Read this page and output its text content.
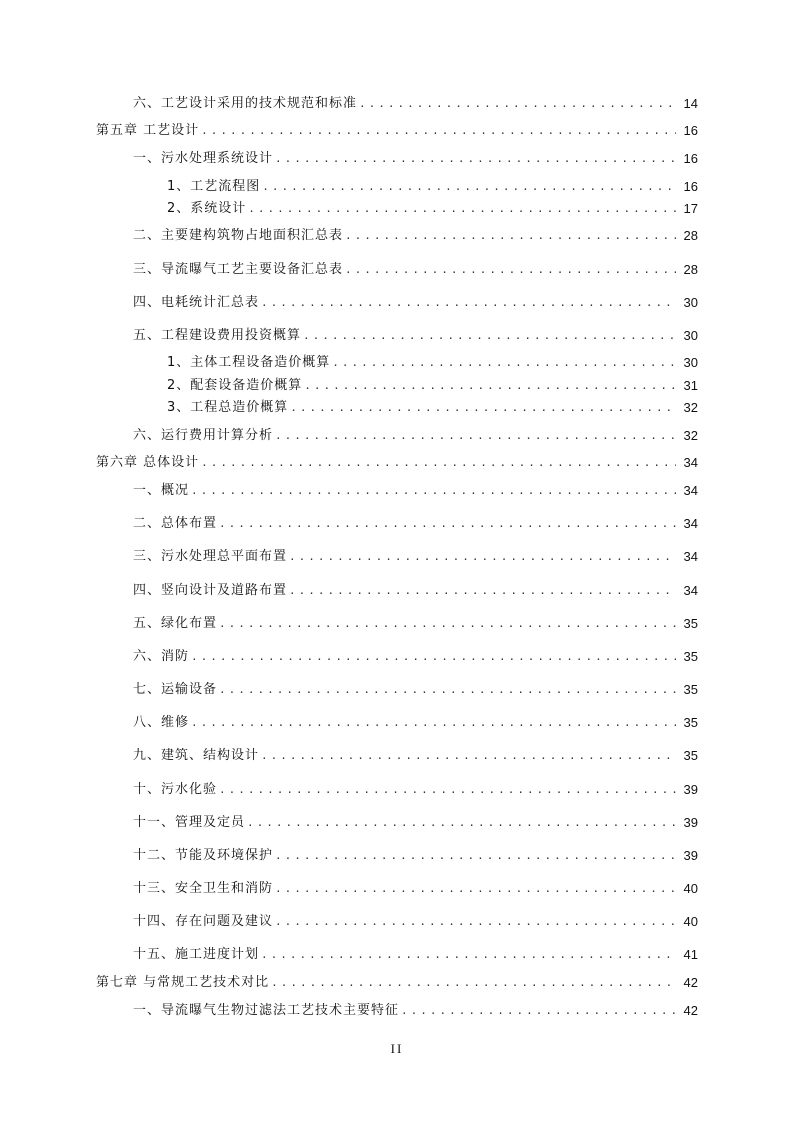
六、工艺设计采用的技术规范和标准 .....	14
第五章 工艺设计 .....	16
一、污水处理系统设计 .....	16
1、工艺流程图 .....	16
2、系统设计 .....	17
二、主要建构筑物占地面积汇总表 .....	28
三、导流曝气工艺主要设备汇总表 .....	28
四、电耗统计汇总表 .....	30
五、工程建设费用投资概算 .....	30
1、主体工程设备造价概算 .....	30
2、配套设备造价概算 .....	31
3、工程总造价概算 .....	32
六、运行费用计算分析 .....	32
第六章 总体设计 .....	34
一、概况 .....	34
二、总体布置 .....	34
三、污水处理总平面布置 .....	34
四、竖向设计及道路布置 .....	34
五、绿化布置 .....	35
六、消防 .....	35
七、运输设备 .....	35
八、维修 .....	35
九、建筑、结构设计 .....	35
十、污水化验 .....	39
十一、管理及定员 .....	39
十二、节能及环境保护 .....	39
十三、安全卫生和消防 .....	40
十四、存在问题及建议 .....	40
十五、施工进度计划 .....	41
第七章 与常规工艺技术对比 .....	42
一、导流曝气生物过滤法工艺技术主要特征 .....	42
II
